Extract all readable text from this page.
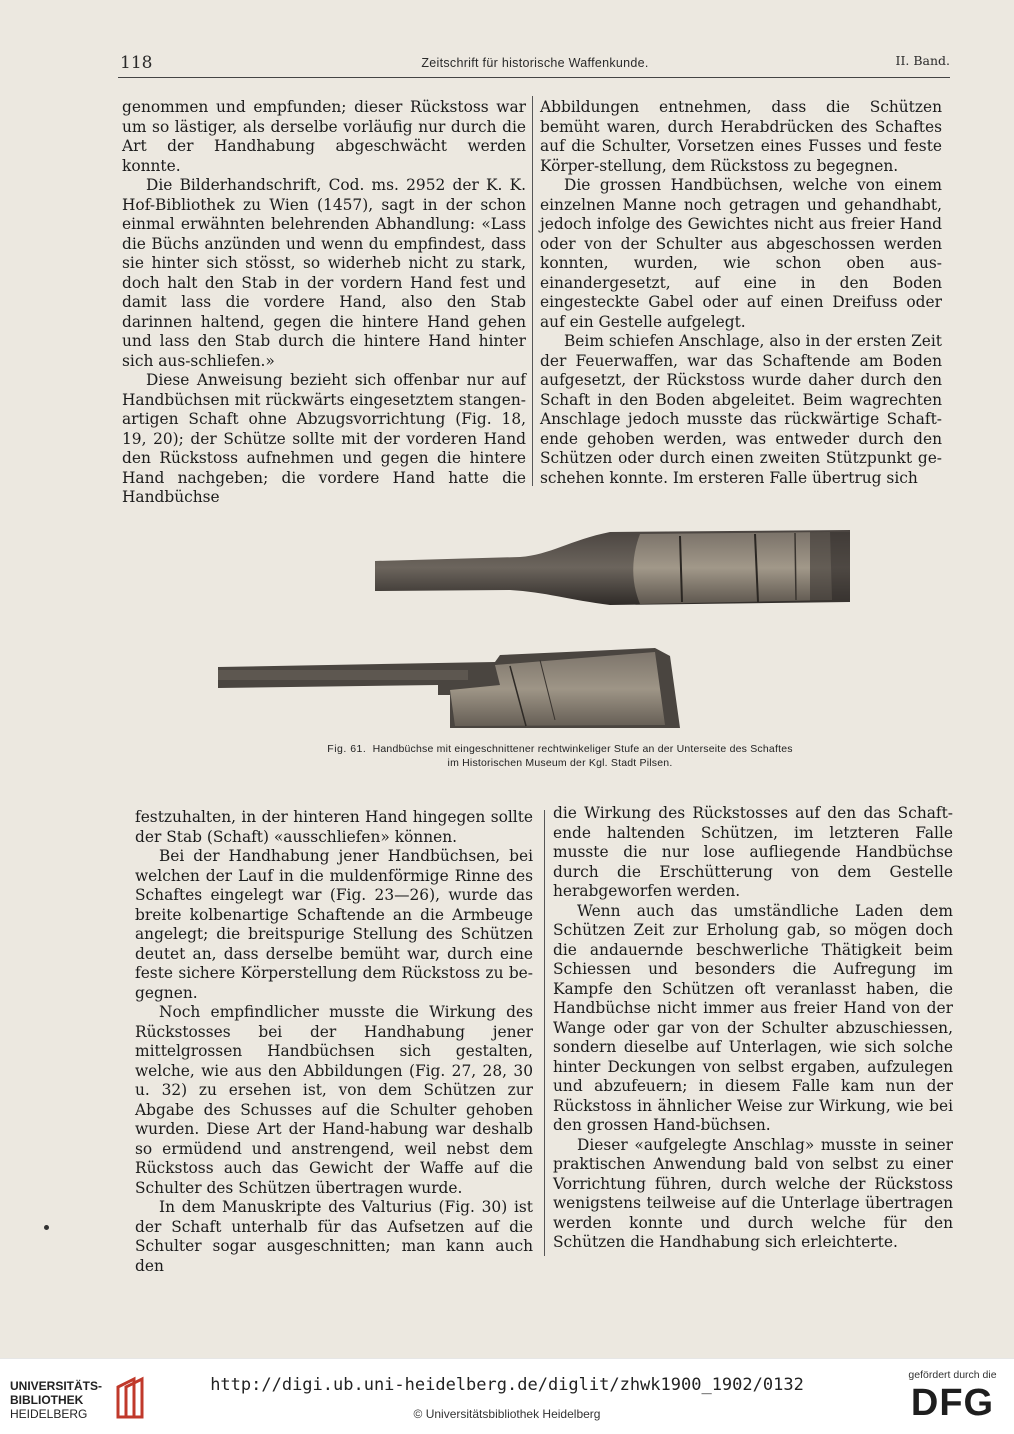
118	Zeitschrift für historische Waffenkunde.	II. Band.

genommen und empfunden; dieser Rückstoss war um so lästiger, als derselbe vorläufig nur durch die Art der Handhabung abgeschwächt werden konnte.

Die Bilderhandschrift, Cod. ms. 2952 der K. K. Hof-Bibliothek zu Wien (1457), sagt in der schon einmal erwähnten belehrenden Abhandlung: «Lass die Büchs anzünden und wenn du empfindest, dass sie hinter sich stösst, so widerheb nicht zu stark, doch halt den Stab in der vordern Hand fest und damit lass die vordere Hand, also den Stab darinnen haltend, gegen die hintere Hand gehen und lass den Stab durch die hintere Hand hinter sich aus-schliefen.»

Diese Anweisung bezieht sich offenbar nur auf Handbüchsen mit rückwärts eingesetztem stangen-artigen Schaft ohne Abzugsvorrichtung (Fig. 18, 19, 20); der Schütze sollte mit der vorderen Hand den Rückstoss aufnehmen und gegen die hintere Hand nachgeben; die vordere Hand hatte die Handbüchse

Abbildungen entnehmen, dass die Schützen bemüht waren, durch Herabdrücken des Schaftes auf die Schulter, Vorsetzen eines Fusses und feste Körper-stellung, dem Rückstoss zu begegnen.

Die grossen Handbüchsen, welche von einem einzelnen Manne noch getragen und gehandhabt, jedoch infolge des Gewichtes nicht aus freier Hand oder von der Schulter aus abgeschossen werden konnten, wurden, wie schon oben aus-einandergesetzt, auf eine in den Boden eingesteckte Gabel oder auf einen Dreifuss oder auf ein Gestelle aufgelegt.

Beim schiefen Anschlage, also in der ersten Zeit der Feuerwaffen, war das Schaftende am Boden aufgesetzt, der Rückstoss wurde daher durch den Schaft in den Boden abgeleitet. Beim wagrechten Anschlage jedoch musste das rückwärtige Schaft-ende gehoben werden, was entweder durch den Schützen oder durch einen zweiten Stützpunkt ge-schehen konnte. Im ersteren Falle übertrug sich

Fig. 61. Handbüchse mit eingeschnittener rechtwinkeliger Stufe an der Unterseite des Schaftes
im Historischen Museum der Kgl. Stadt Pilsen.

festzuhalten, in der hinteren Hand hingegen sollte der Stab (Schaft) «ausschliefen» können.

Bei der Handhabung jener Handbüchsen, bei welchen der Lauf in die muldenförmige Rinne des Schaftes eingelegt war (Fig. 23—26), wurde das breite kolbenartige Schaftende an die Armbeuge angelegt; die breitspurige Stellung des Schützen deutet an, dass derselbe bemüht war, durch eine feste sichere Körperstellung dem Rückstoss zu be-gegnen.

Noch empfindlicher musste die Wirkung des Rückstosses bei der Handhabung jener mittelgrossen Handbüchsen sich gestalten, welche, wie aus den Abbildungen (Fig. 27, 28, 30 u. 32) zu ersehen ist, von dem Schützen zur Abgabe des Schusses auf die Schulter gehoben wurden. Diese Art der Hand-habung war deshalb so ermüdend und anstrengend, weil nebst dem Rückstoss auch das Gewicht der Waffe auf die Schulter des Schützen übertragen wurde.

In dem Manuskripte des Valturius (Fig. 30) ist der Schaft unterhalb für das Aufsetzen auf die Schulter sogar ausgeschnitten; man kann auch den

die Wirkung des Rückstosses auf den das Schaft-ende haltenden Schützen, im letzteren Falle musste die nur lose aufliegende Handbüchse durch die Erschütterung von dem Gestelle herabgeworfen werden.

Wenn auch das umständliche Laden dem Schützen Zeit zur Erholung gab, so mögen doch die andauernde beschwerliche Thätigkeit beim Schiessen und besonders die Aufregung im Kampfe den Schützen oft veranlasst haben, die Handbüchse nicht immer aus freier Hand von der Wange oder gar von der Schulter abzuschiessen, sondern dieselbe auf Unterlagen, wie sich solche hinter Deckungen von selbst ergaben, aufzulegen und abzufeuern; in diesem Falle kam nun der Rückstoss in ähnlicher Weise zur Wirkung, wie bei den grossen Hand-büchsen.

Dieser «aufgelegte Anschlag» musste in seiner praktischen Anwendung bald von selbst zu einer Vorrichtung führen, durch welche der Rückstoss wenigstens teilweise auf die Unterlage übertragen werden konnte und durch welche für den Schützen die Handhabung sich erleichterte.

UNIVERSITÄTS-
BIBLIOTHEK
HEIDELBERG
http://digi.ub.uni-heidelberg.de/diglit/zhwk1900_1902/0132
© Universitätsbibliothek Heidelberg
gefördert durch die
DFG
